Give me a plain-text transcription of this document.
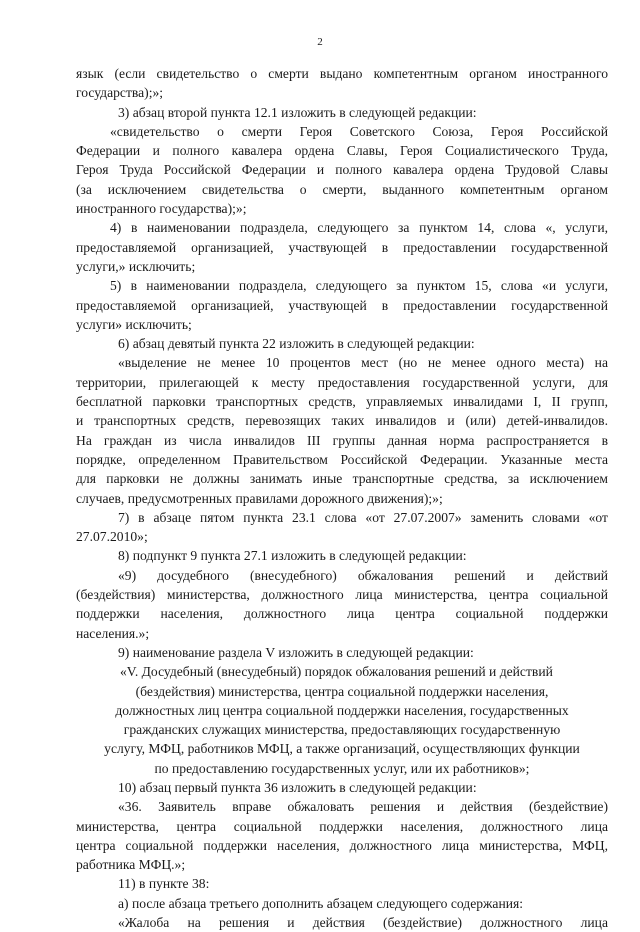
2
язык (если свидетельство о смерти выдано компетентным органом иностранного
государства);»;
3) абзац второй пункта 12.1 изложить в следующей редакции:
«свидетельство о смерти Героя Советского Союза, Героя Российской
Федерации и полного кавалера ордена Славы, Героя Социалистического Труда,
Героя Труда Российской Федерации и полного кавалера ордена Трудовой Славы
(за исключением свидетельства о смерти, выданного компетентным органом
иностранного государства);»;
4) в наименовании подраздела, следующего за пунктом 14, слова «, услуги,
предоставляемой организацией, участвующей в предоставлении государственной
услуги,» исключить;
5) в наименовании подраздела, следующего за пунктом 15, слова «и услуги,
предоставляемой организацией, участвующей в предоставлении государственной
услуги» исключить;
6) абзац девятый пункта 22 изложить в следующей редакции:
«выделение не менее 10 процентов мест (но не менее одного места) на
территории, прилегающей к месту предоставления государственной услуги, для
бесплатной парковки транспортных средств, управляемых инвалидами I, II групп,
и транспортных средств, перевозящих таких инвалидов и (или) детей-инвалидов.
На граждан из числа инвалидов III группы данная норма распространяется в
порядке, определенном Правительством Российской Федерации. Указанные места
для парковки не должны занимать иные транспортные средства, за исключением
случаев, предусмотренных правилами дорожного движения);»;
7) в абзаце пятом пункта 23.1 слова «от 27.07.2007» заменить словами «от
27.07.2010»;
8) подпункт 9 пункта 27.1 изложить в следующей редакции:
«9) досудебного (внесудебного) обжалования решений и действий
(бездействия) министерства, должностного лица министерства, центра социальной
поддержки населения, должностного лица центра социальной поддержки
населения.»;
9) наименование раздела V изложить в следующей редакции:
«V. Досудебный (внесудебный) порядок обжалования решений и действий
(бездействия) министерства, центра социальной поддержки населения,
должностных лиц центра социальной поддержки населения, государственных
гражданских служащих министерства, предоставляющих государственную
услугу, МФЦ, работников МФЦ, а также организаций, осуществляющих функции
по предоставлению государственных услуг, или их работников»;
10) абзац первый пункта 36 изложить в следующей редакции:
«36. Заявитель вправе обжаловать решения и действия (бездействие)
министерства, центра социальной поддержки населения, должностного лица
центра социальной поддержки населения, должностного лица министерства, МФЦ,
работника МФЦ.»;
11) в пункте 38:
а) после абзаца третьего дополнить абзацем следующего содержания:
«Жалоба на решения и действия (бездействие) должностного лица
